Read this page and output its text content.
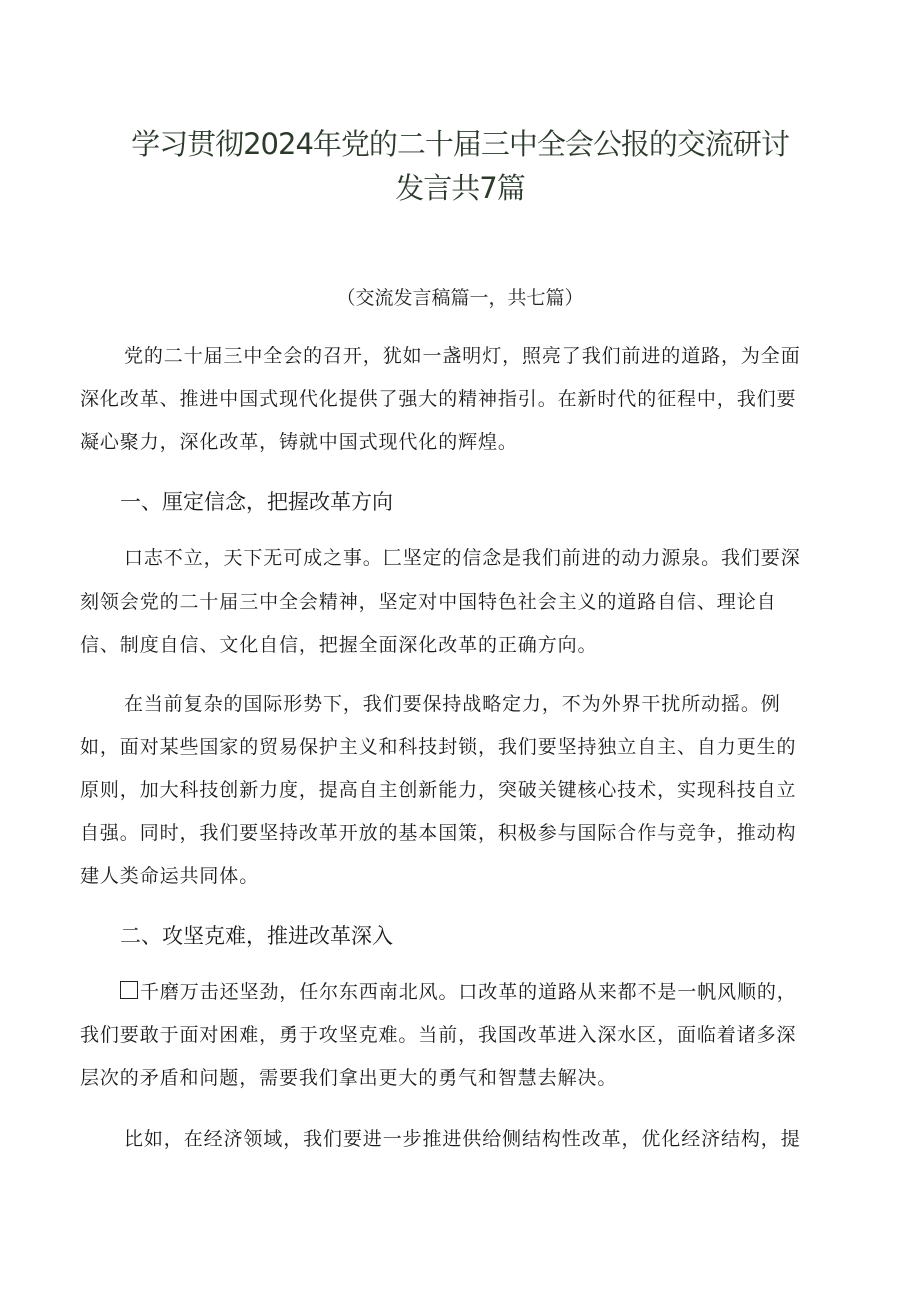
学习贯彻2024年党的二十届三中全会公报的交流研讨
发言共7篇
（交流发言稿篇一，共七篇）
党的二十届三中全会的召开，犹如一盏明灯，照亮了我们前进的道路，为全面
深化改革、推进中国式现代化提供了强大的精神指引。在新时代的征程中，我们要
凝心聚力，深化改革，铸就中国式现代化的辉煌。
一、厘定信念，把握改革方向
口志不立，天下无可成之事。匚坚定的信念是我们前进的动力源泉。我们要深
刻领会党的二十届三中全会精神，坚定对中国特色社会主义的道路自信、理论自
信、制度自信、文化自信，把握全面深化改革的正确方向。
在当前复杂的国际形势下，我们要保持战略定力，不为外界干扰所动摇。例
如，面对某些国家的贸易保护主义和科技封锁，我们要坚持独立自主、自力更生的
原则，加大科技创新力度，提高自主创新能力，突破关键核心技术，实现科技自立
自强。同时，我们要坚持改革开放的基本国策，积极参与国际合作与竞争，推动构
建人类命运共同体。
二、攻坚克难，推进改革深入
千磨万击还坚劲，任尔东西南北风。口改革的道路从来都不是一帆风顺的，
我们要敢于面对困难，勇于攻坚克难。当前，我国改革进入深水区，面临着诸多深
层次的矛盾和问题，需要我们拿出更大的勇气和智慧去解决。
比如，在经济领域，我们要进一步推进供给侧结构性改革，优化经济结构，提
